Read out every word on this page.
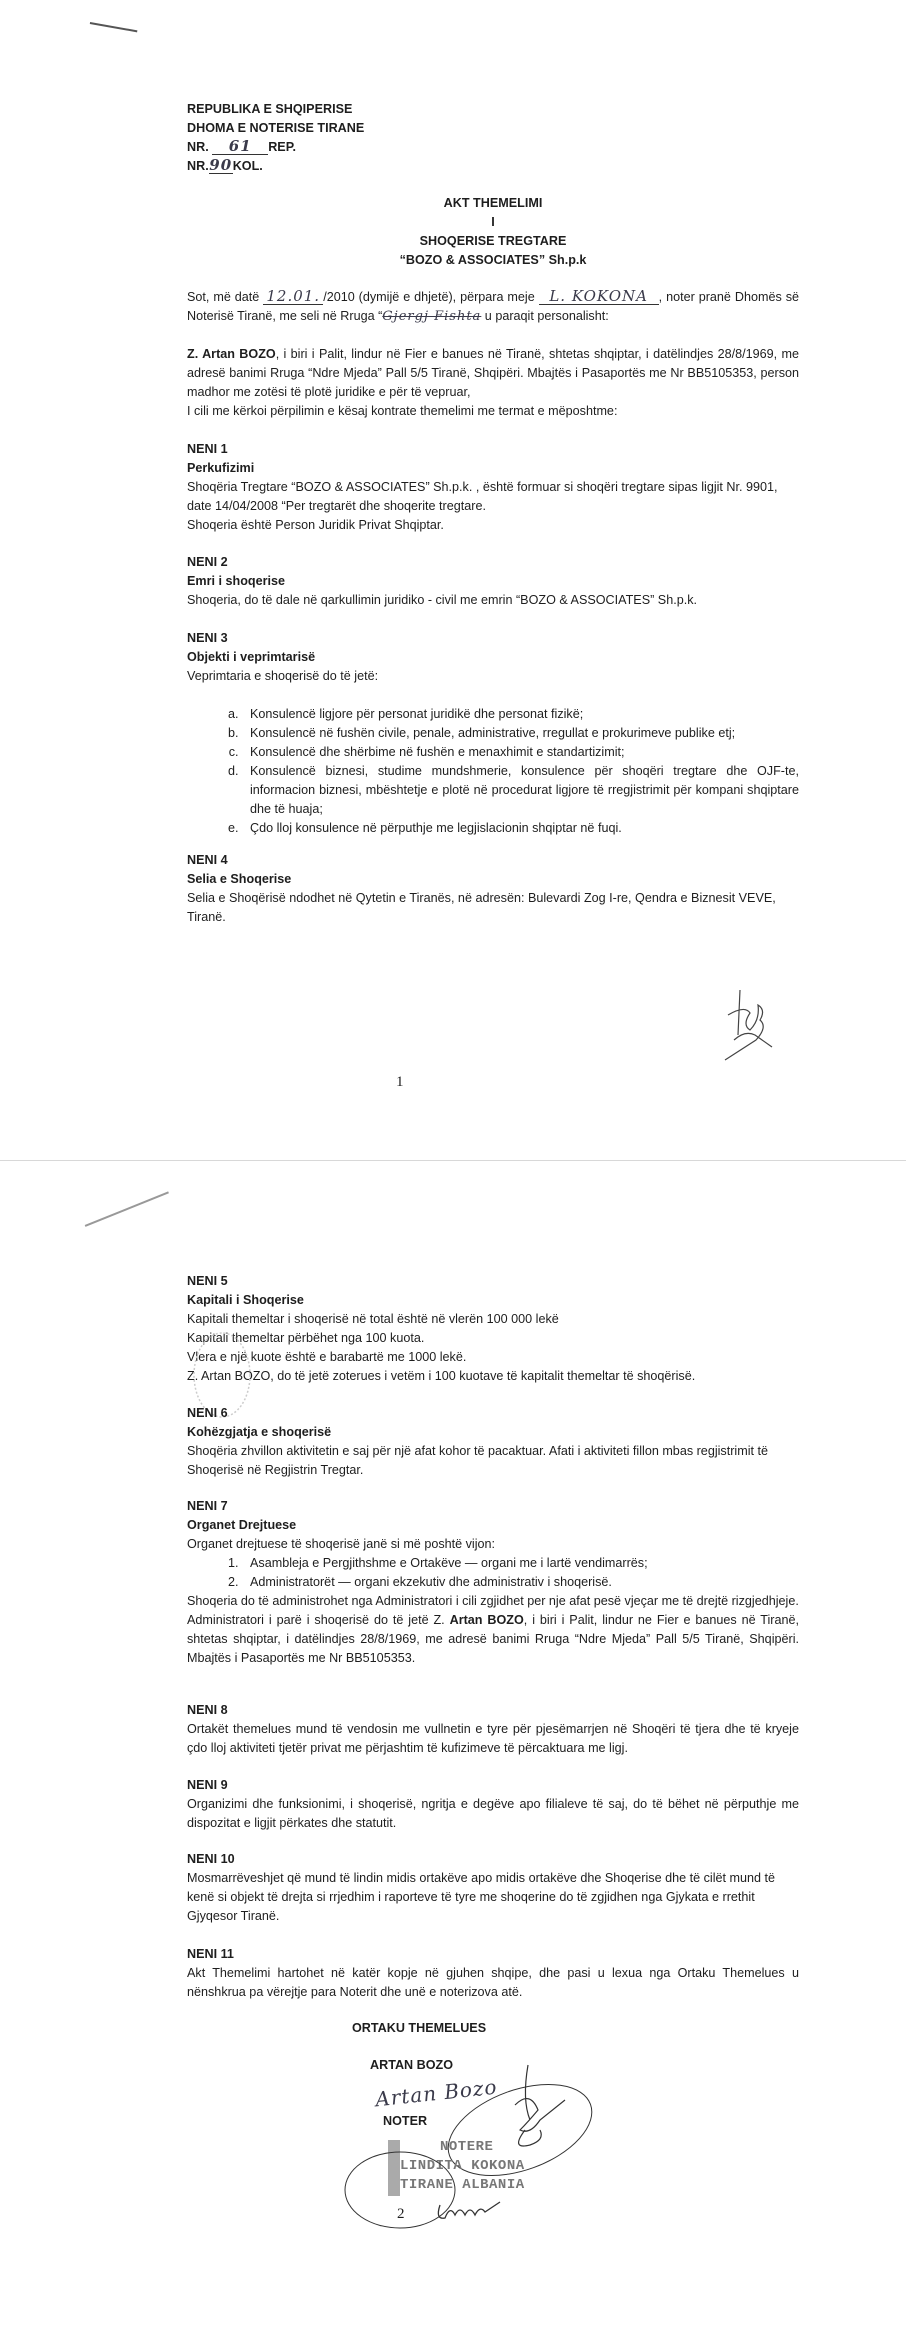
REPUBLIKA E SHQIPERISE
DHOMA E NOTERISE TIRANE
NR. 61 REP.
NR.90KOL.
AKT THEMELIMI
I
SHOQERISE TREGTARE
“BOZO & ASSOCIATES” Sh.p.k
Sot, më datë 12.01. /2010 (dymijë e dhjetë), përpara meje L. KOKONA , noter pranë Dhomës së Noterisë Tiranë, me seli në Rruga “Gjergj Fishta u paraqit personalisht:

Z. Artan BOZO, i biri i Palit, lindur në Fier e banues në Tiranë, shtetas shqiptar, i datëlindjes 28/8/1969, me adresë banimi Rruga “Ndre Mjeda” Pall 5/5 Tiranë, Shqipëri. Mbajtës i Pasaportës me Nr BB5105353, person madhor me zotësi të plotë juridike e për të vepruar,

I cili me kërkoi përpilimin e kësaj kontrate themelimi me termat e mëposhtme:

NENI 1
Perkufizimi

Shoqëria Tregtare “BOZO & ASSOCIATES” Sh.p.k. , është formuar si shoqëri tregtare sipas ligjit Nr. 9901, date 14/04/2008 “Per tregtarët dhe shoqerite tregtare.

Shoqeria është Person Juridik Privat Shqiptar.

NENI 2
Emri i shoqerise

Shoqeria, do të dale në qarkullimin juridiko - civil me emrin “BOZO & ASSOCIATES” Sh.p.k.

NENI 3
Objekti i veprimtarisë

Veprimtaria e shoqerisë do të jetë:

a. Konsulencë ligjore për personat juridikë dhe personat fizikë;
b. Konsulencë në fushën civile, penale, administrative, rregullat e prokurimeve publike etj;
c. Konsulencë dhe shërbime në fushën e menaxhimit e standartizimit;
d. Konsulencë biznesi, studime mundshmerie, konsulence për shoqëri tregtare dhe OJF-te, informacion biznesi, mbështetje e plotë në procedurat ligjore të rregjistrimit për kompani shqiptare dhe të huaja;
e. Çdo lloj konsulence në përputhje me legjislacionin shqiptar në fuqi.
NENI 4
Selia e Shoqerise

Selia e Shoqërisë ndodhet në Qytetin e Tiranës, në adresën: Bulevardi Zog I-re, Qendra e Biznesit VEVE, Tiranë.

1
NENI 5
Kapitali i Shoqerise

Kapitali themeltar i shoqerisë në total është në vlerën 100 000 lekë

Kapitali themeltar përbëhet nga 100 kuota.

Vlera e një kuote është e barabartë me 1000 lekë.

Z. Artan BOZO, do të jetë zoterues i vetëm i 100 kuotave të kapitalit themeltar të shoqërisë.

NENI 6
Kohëzgjatja e shoqerisë

Shoqëria zhvillon aktivitetin e saj për një afat kohor të pacaktuar. Afati i aktiviteti fillon mbas regjistrimit të Shoqerisë në Regjistrin Tregtar.

NENI 7
Organet Drejtuese

Organet drejtuese të shoqerisë janë si më poshtë vijon:

1. Asambleja e Pergjithshme e Ortakëve — organi me i lartë vendimarrës;
2. Administratorët — organi ekzekutiv dhe administrativ i shoqerisë.

Shoqeria do të administrohet nga Administratori i cili zgjidhet per nje afat pesë vjeçar me të drejtë rizgjedhjeje.

Administratori i parë i shoqerisë do të jetë Z. Artan BOZO, i biri i Palit, lindur ne Fier e banues në Tiranë, shtetas shqiptar, i datëlindjes 28/8/1969, me adresë banimi Rruga “Ndre Mjeda” Pall 5/5 Tiranë, Shqipëri. Mbajtës i Pasaportës me Nr BB5105353.

NENI 8

Ortakët themelues mund të vendosin me vullnetin e tyre për pjesëmarrjen në Shoqëri të tjera dhe të kryeje çdo lloj aktiviteti tjetër privat me përjashtim të kufizimeve të përcaktuara me ligj.

NENI 9

Organizimi dhe funksionimi, i shoqerisë, ngritja e degëve apo filialeve të saj, do të bëhet në përputhje me dispozitat e ligjit përkates dhe statutit.

NENI 10

Mosmarrëveshjet që mund të lindin midis ortakëve apo midis ortakëve dhe Shoqerise dhe të cilët mund të kenë si objekt të drejta si rrjedhim i raporteve të tyre me shoqerine do të zgjidhen nga Gjykata e rrethit Gjyqesor Tiranë.

NENI 11

Akt Themelimi hartohet në katër kopje në gjuhen shqipe, dhe pasi u lexua nga Ortaku Themelues u nënshkrua pa vërejtje para Noterit dhe unë e noterizova atë.

ORTAKU THEMELUES
ARTAN BOZO
Artan Bozo
NOTER
NOTERE
LINDITA KOKONA
TIRANE ALBANIA
2
